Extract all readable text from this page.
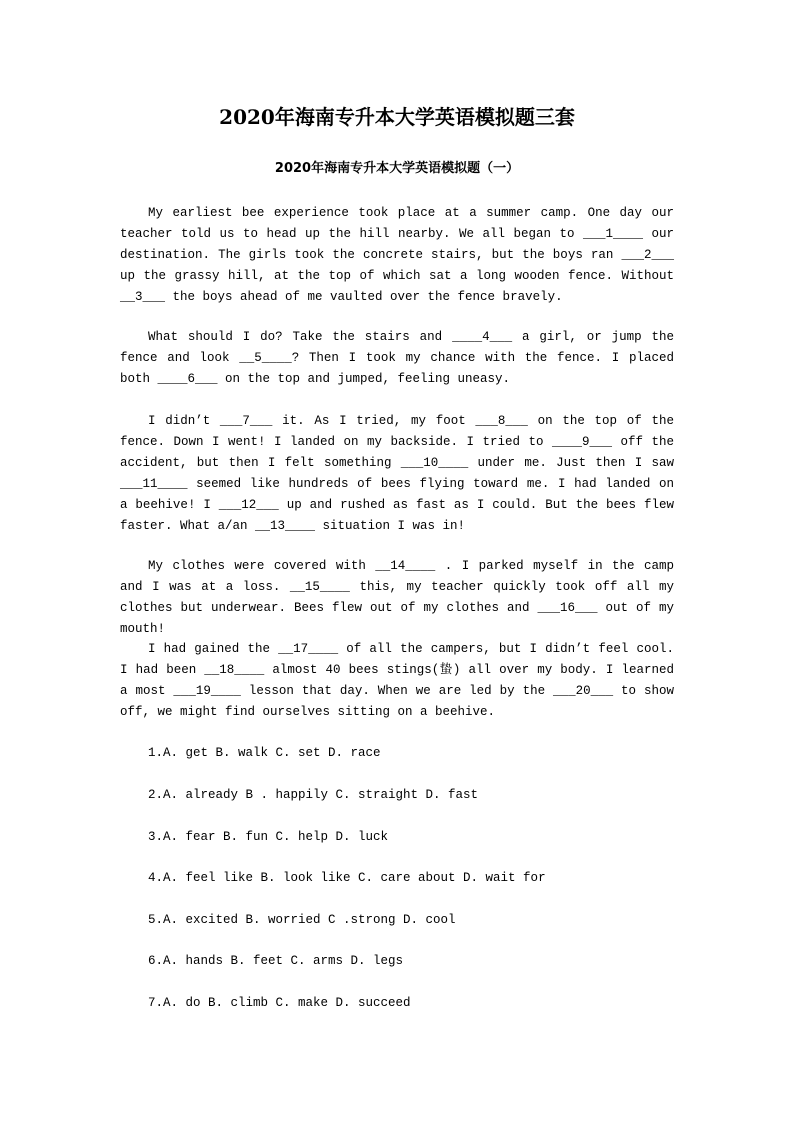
2020年海南专升本大学英语模拟题三套
2020年海南专升本大学英语模拟题（一）

My earliest bee experience took place at a summer camp. One day our teacher told us to head up the hill nearby. We all began to ___1____ our destination. The girls took the concrete stairs, but the boys ran ___2___ up the grassy hill, at the top of which sat a long wooden fence. Without __3___ the boys ahead of me vaulted over the fence bravely.

What should I do? Take the stairs and ____4___ a girl, or jump the fence and look __5____? Then I took my chance with the fence. I placed both ____6___ on the top and jumped, feeling uneasy.

I didn’t ___7___ it. As I tried, my foot ___8___ on the top of the fence. Down I went! I landed on my backside. I tried to ____9___ off the accident, but then I felt something ___10____ under me. Just then I saw ___11____ seemed like hundreds of bees flying toward me. I had landed on a beehive! I ___12___ up and rushed as fast as I could. But the bees flew faster. What a/an __13____ situation I was in!

My clothes were covered with __14____ . I parked myself in the camp and I was at a loss. __15____ this, my teacher quickly took off all my clothes but underwear. Bees flew out of my clothes and ___16___ out of my mouth!

I had gained the __17____ of all the campers, but I didn’t feel cool. I had been __18____ almost 40 bees stings(蛰) all over my body. I learned a most ___19____ lesson that day. When we are led by the ___20___ to show off, we might find ourselves sitting on a beehive.

1.A. get B. walk C. set D. race

2.A. already B . happily C. straight D. fast

3.A. fear B. fun C. help D. luck

4.A. feel like B. look like C. care about D. wait for

5.A. excited B. worried C .strong D. cool

6.A. hands B. feet C. arms D. legs

7.A. do B. climb C. make D. succeed
